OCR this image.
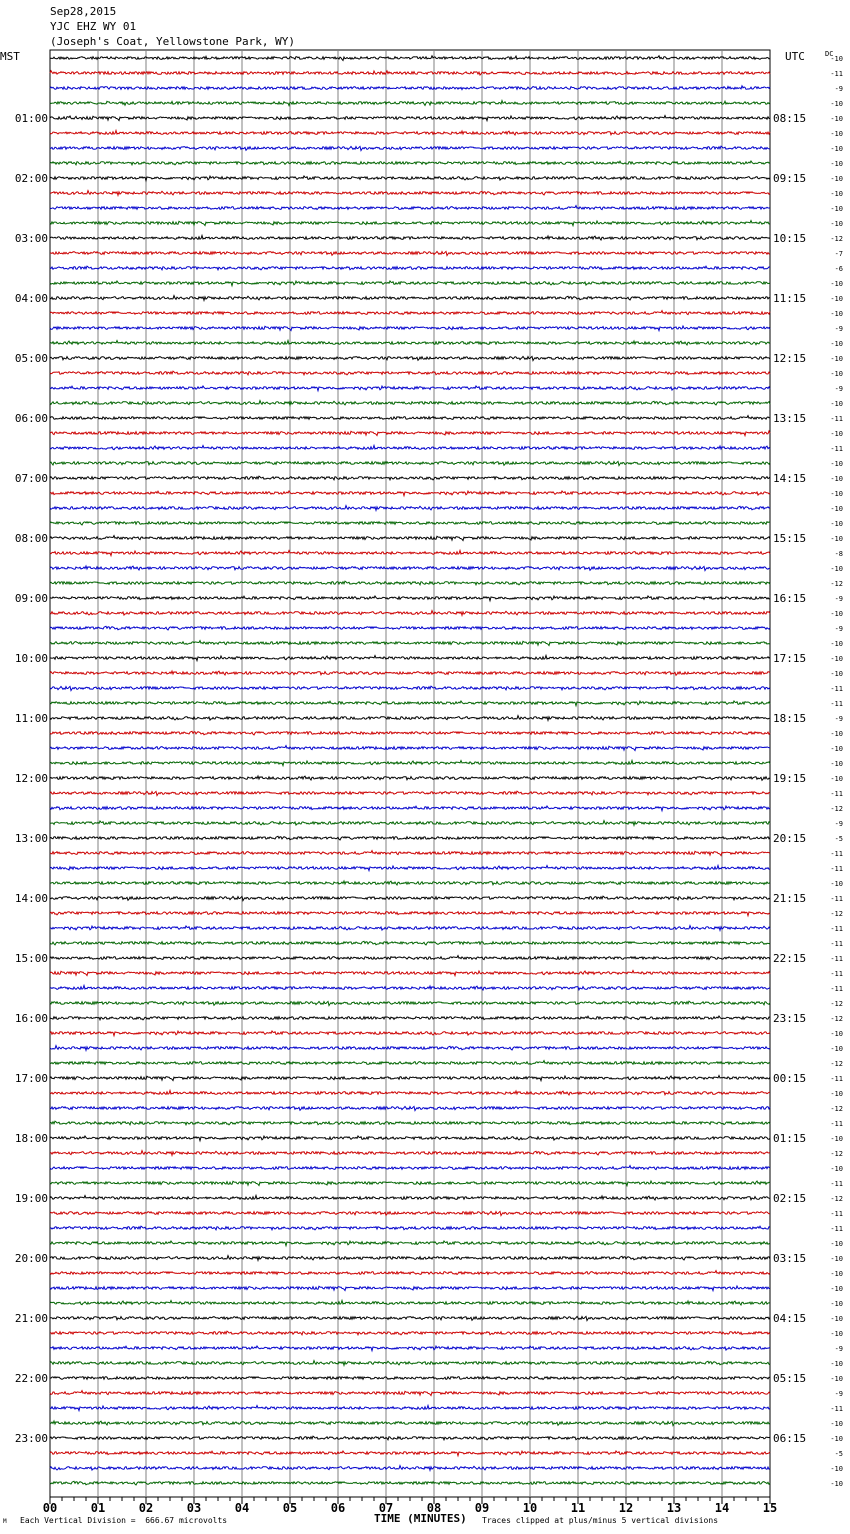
Sep28,2015
YJC EHZ WY 01
(Joseph's Coat, Yellowstone Park, WY)
MST	UTC	DC
00	01	02	03	04	05	06	07	08	09	10	11	12	13	14	15
-10
-11
-9
-10
-10
-10
-10
-10
-10
-10
-10
-10
-12
-7
-6
-10
-10
-10
-9
-10
-10
-10
-9
-10
-11
-10
-11
-10
-10
-10
-10
-10
-10
-8
-10
-12
-9
-10
-9
-10
-10
-10
-11
-11
-9
-10
-10
-10
-10
-11
-12
-9
-5
-11
-11
-10
-11
-12
-11
-11
-11
-11
-11
-12
-12
-10
-10
-12
-11
-10
-12
-11
-10
-12
-10
-11
-12
-11
-11
-10
-10
-10
-10
-10
-10
-10
-9
-10
-10
-9
-11
-10
-10
-5
-10
-10
01:00
02:00
03:00
04:00
05:00
06:00
07:00
08:00
09:00
10:00
11:00
12:00
13:00
14:00
15:00
16:00
17:00
18:00
19:00
20:00
21:00
22:00
23:00
08:15
09:15
10:15
11:15
12:15
13:15
14:15
15:15
16:15
17:15
18:15
19:15
20:15
21:15
22:15
23:15
00:15
01:15
02:15
03:15
04:15
05:15
06:15
TIME (MINUTES)
M Each Vertical Division =  666.67 microvolts	Traces clipped at plus/minus 5 vertical divisions
